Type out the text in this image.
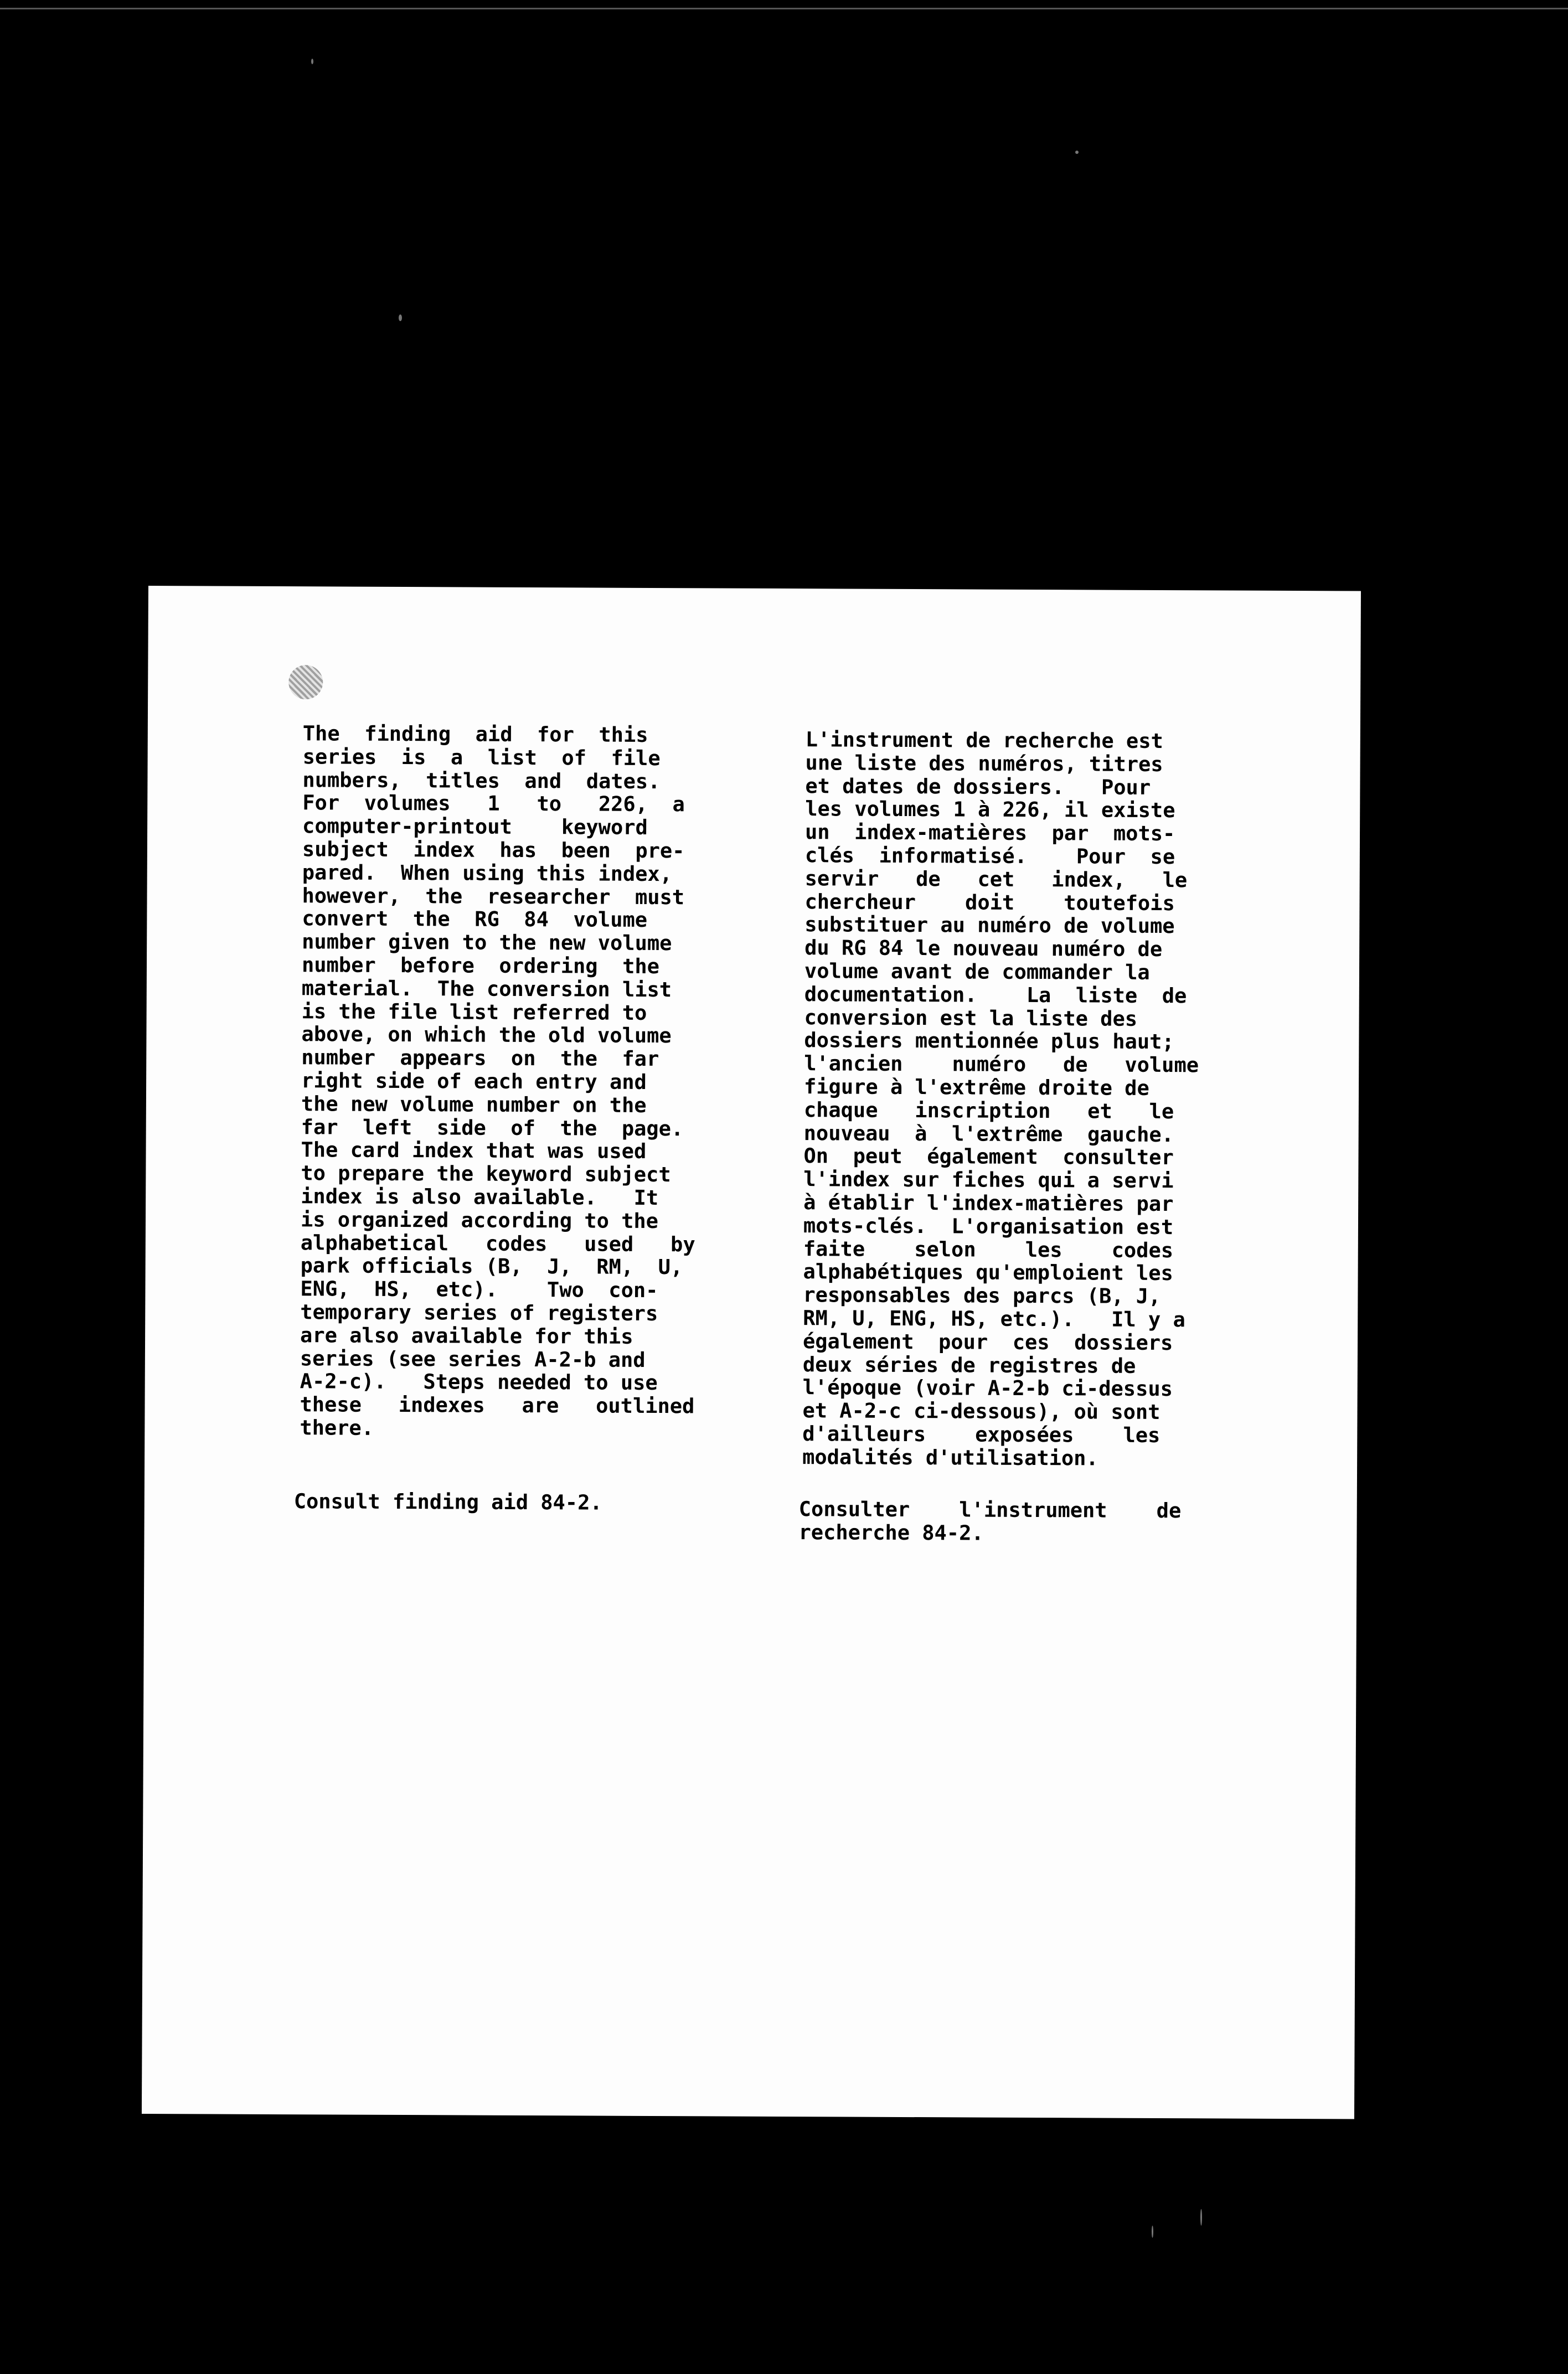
The  finding  aid  for  this
series  is  a  list  of  file
numbers,  titles  and  dates.
For  volumes   1   to   226,  a
computer-printout    keyword
subject  index  has  been  pre-
pared.  When using this index,
however,  the  researcher  must
convert  the  RG  84  volume
number given to the new volume
number  before  ordering  the
material.  The conversion list
is the file list referred to
above, on which the old volume
number  appears  on  the  far
right side of each entry and
the new volume number on the
far  left  side  of  the  page.
The card index that was used
to prepare the keyword subject
index is also available.   It
is organized according to the
alphabetical   codes   used   by
park officials (B,  J,  RM,  U,
ENG,  HS,  etc).    Two  con-
temporary series of registers
are also available for this
series (see series A-2-b and
A-2-c).   Steps needed to use
these   indexes   are   outlined
there.
Consult finding aid 84-2.
L'instrument de recherche est
une liste des numéros, titres
et dates de dossiers.   Pour
les volumes 1 à 226, il existe
un  index-matières  par  mots-
clés  informatisé.    Pour  se
servir   de   cet   index,   le
chercheur    doit    toutefois
substituer au numéro de volume
du RG 84 le nouveau numéro de
volume avant de commander la
documentation.    La  liste  de
conversion est la liste des
dossiers mentionnée plus haut;
l'ancien    numéro   de   volume
figure à l'extrême droite de
chaque   inscription   et   le
nouveau  à  l'extrême  gauche.
On  peut  également  consulter
l'index sur fiches qui a servi
à établir l'index-matières par
mots-clés.  L'organisation est
faite    selon    les    codes
alphabétiques qu'emploient les
responsables des parcs (B, J,
RM, U, ENG, HS, etc.).   Il y a
également  pour  ces  dossiers
deux séries de registres de
l'époque (voir A-2-b ci-dessus
et A-2-c ci-dessous), où sont
d'ailleurs    exposées    les
modalités d'utilisation.
Consulter    l'instrument    de
recherche 84-2.
